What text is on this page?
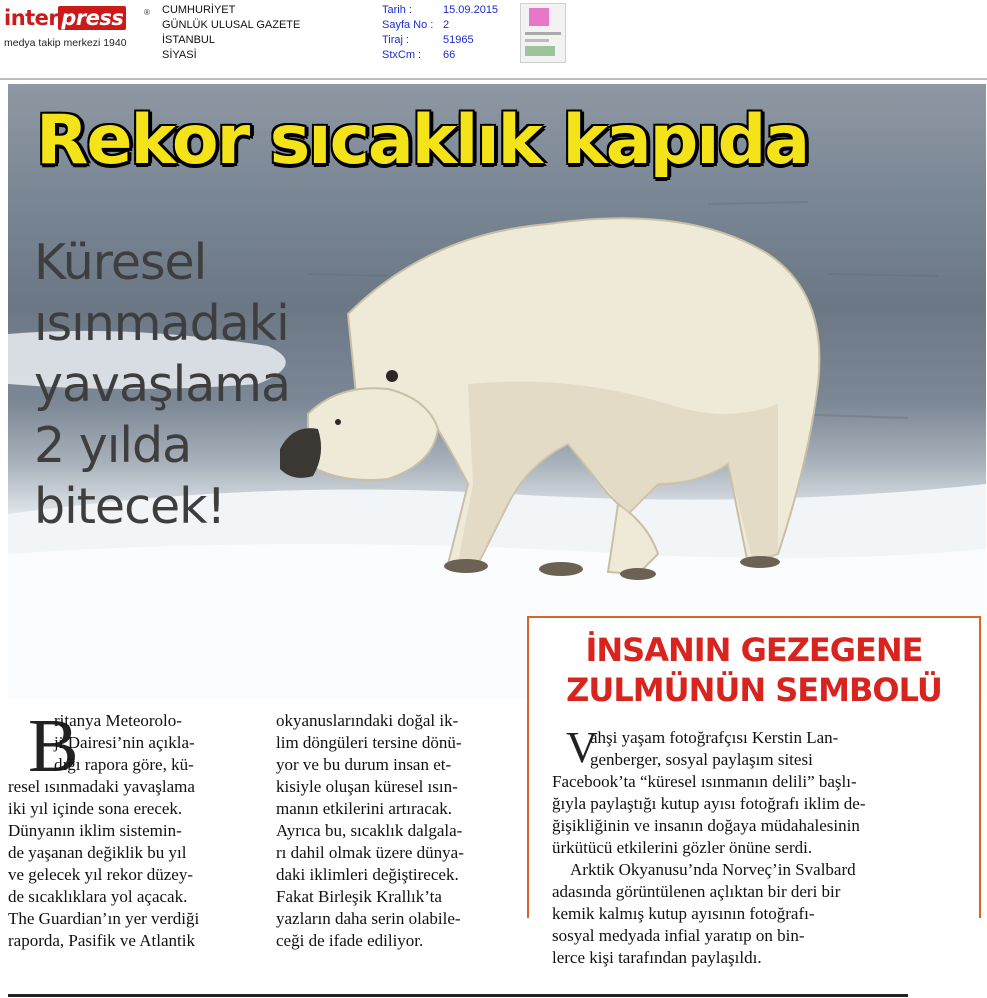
inter press	®
medya takip merkezi 1940
CUMHURİYET
GÜNLÜK ULUSAL GAZETE
İSTANBUL
SİYASİ
Tarih :
Sayfa No :
Tiraj :
StxCm :
15.09.2015
2
51965
66
Rekor sıcaklık kapıda
Küresel
ısınmadaki
yavaşlama
2 yılda
bitecek!
İNSANIN GEZEGENE
ZULMÜNÜN SEMBOLÜ
B
ritanya Meteorolo-
ji Dairesi’nin açıkla-
dığı rapora göre, kü-
resel ısınmadaki yavaşlama
iki yıl içinde sona erecek.
Dünyanın iklim sistemin-
de yaşanan değiklik bu yıl
ve gelecek yıl rekor düzey-
de sıcaklıklara yol açacak.
The Guardian’ın yer verdiği
raporda, Pasifik ve Atlantik
okyanuslarındaki doğal ik-
lim döngüleri tersine dönü-
yor ve bu durum insan et-
kisiyle oluşan küresel ısın-
manın etkilerini artıracak.
Ayrıca bu, sıcaklık dalgala-
rı dahil olmak üzere dünya-
daki iklimleri değiştirecek.
Fakat Birleşik Krallık’ta
yazların daha serin olabile-
ceği de ifade ediliyor.
V
ahşi yaşam fotoğrafçısı Kerstin Lan-
genberger, sosyal paylaşım sitesi
Facebook’ta “küresel ısınmanın delili” başlı-
ğıyla paylaştığı kutup ayısı fotoğrafı iklim de-
ğişikliğinin ve insanın doğaya müdahalesinin
ürkütücü etkilerini gözler önüne serdi.
Arktik Okyanusu’nda Norveç’in Svalbard
adasında görüntülenen açlıktan bir deri bir
kemik kalmış kutup ayısının fotoğrafı-
sosyal medyada infial yaratıp on bin-
lerce kişi tarafından paylaşıldı.
